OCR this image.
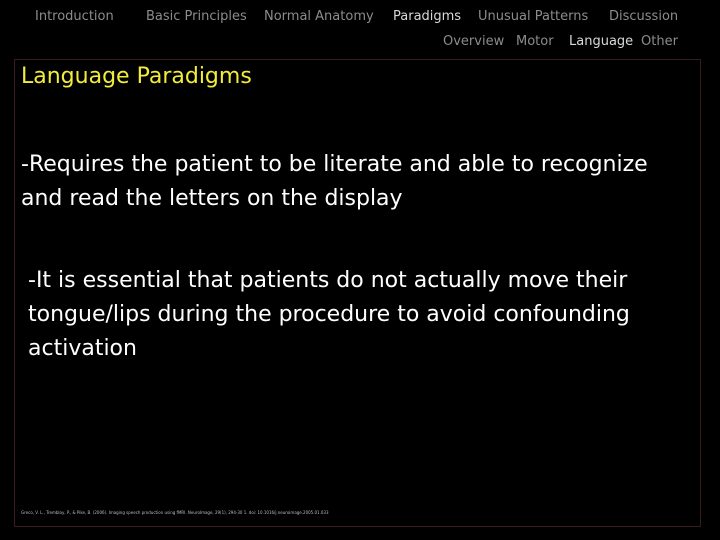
Introduction Basic Principles Normal Anatomy Paradigms Unusual Patterns Discussion
Overview Motor Language Other
Language Paradigms
-Requires the patient to be literate and able to recognize and read the letters on the display
-It is essential that patients do not actually move their tongue/lips during the procedure to avoid confounding activation
Greco, V. L., Tremblay, P., & Pike, B. (2006). Imaging speech production using fMRI. NeuroImage, 29(1), 294-30 1. doi: 10.1016/j.neuroimage.2005.01.033
